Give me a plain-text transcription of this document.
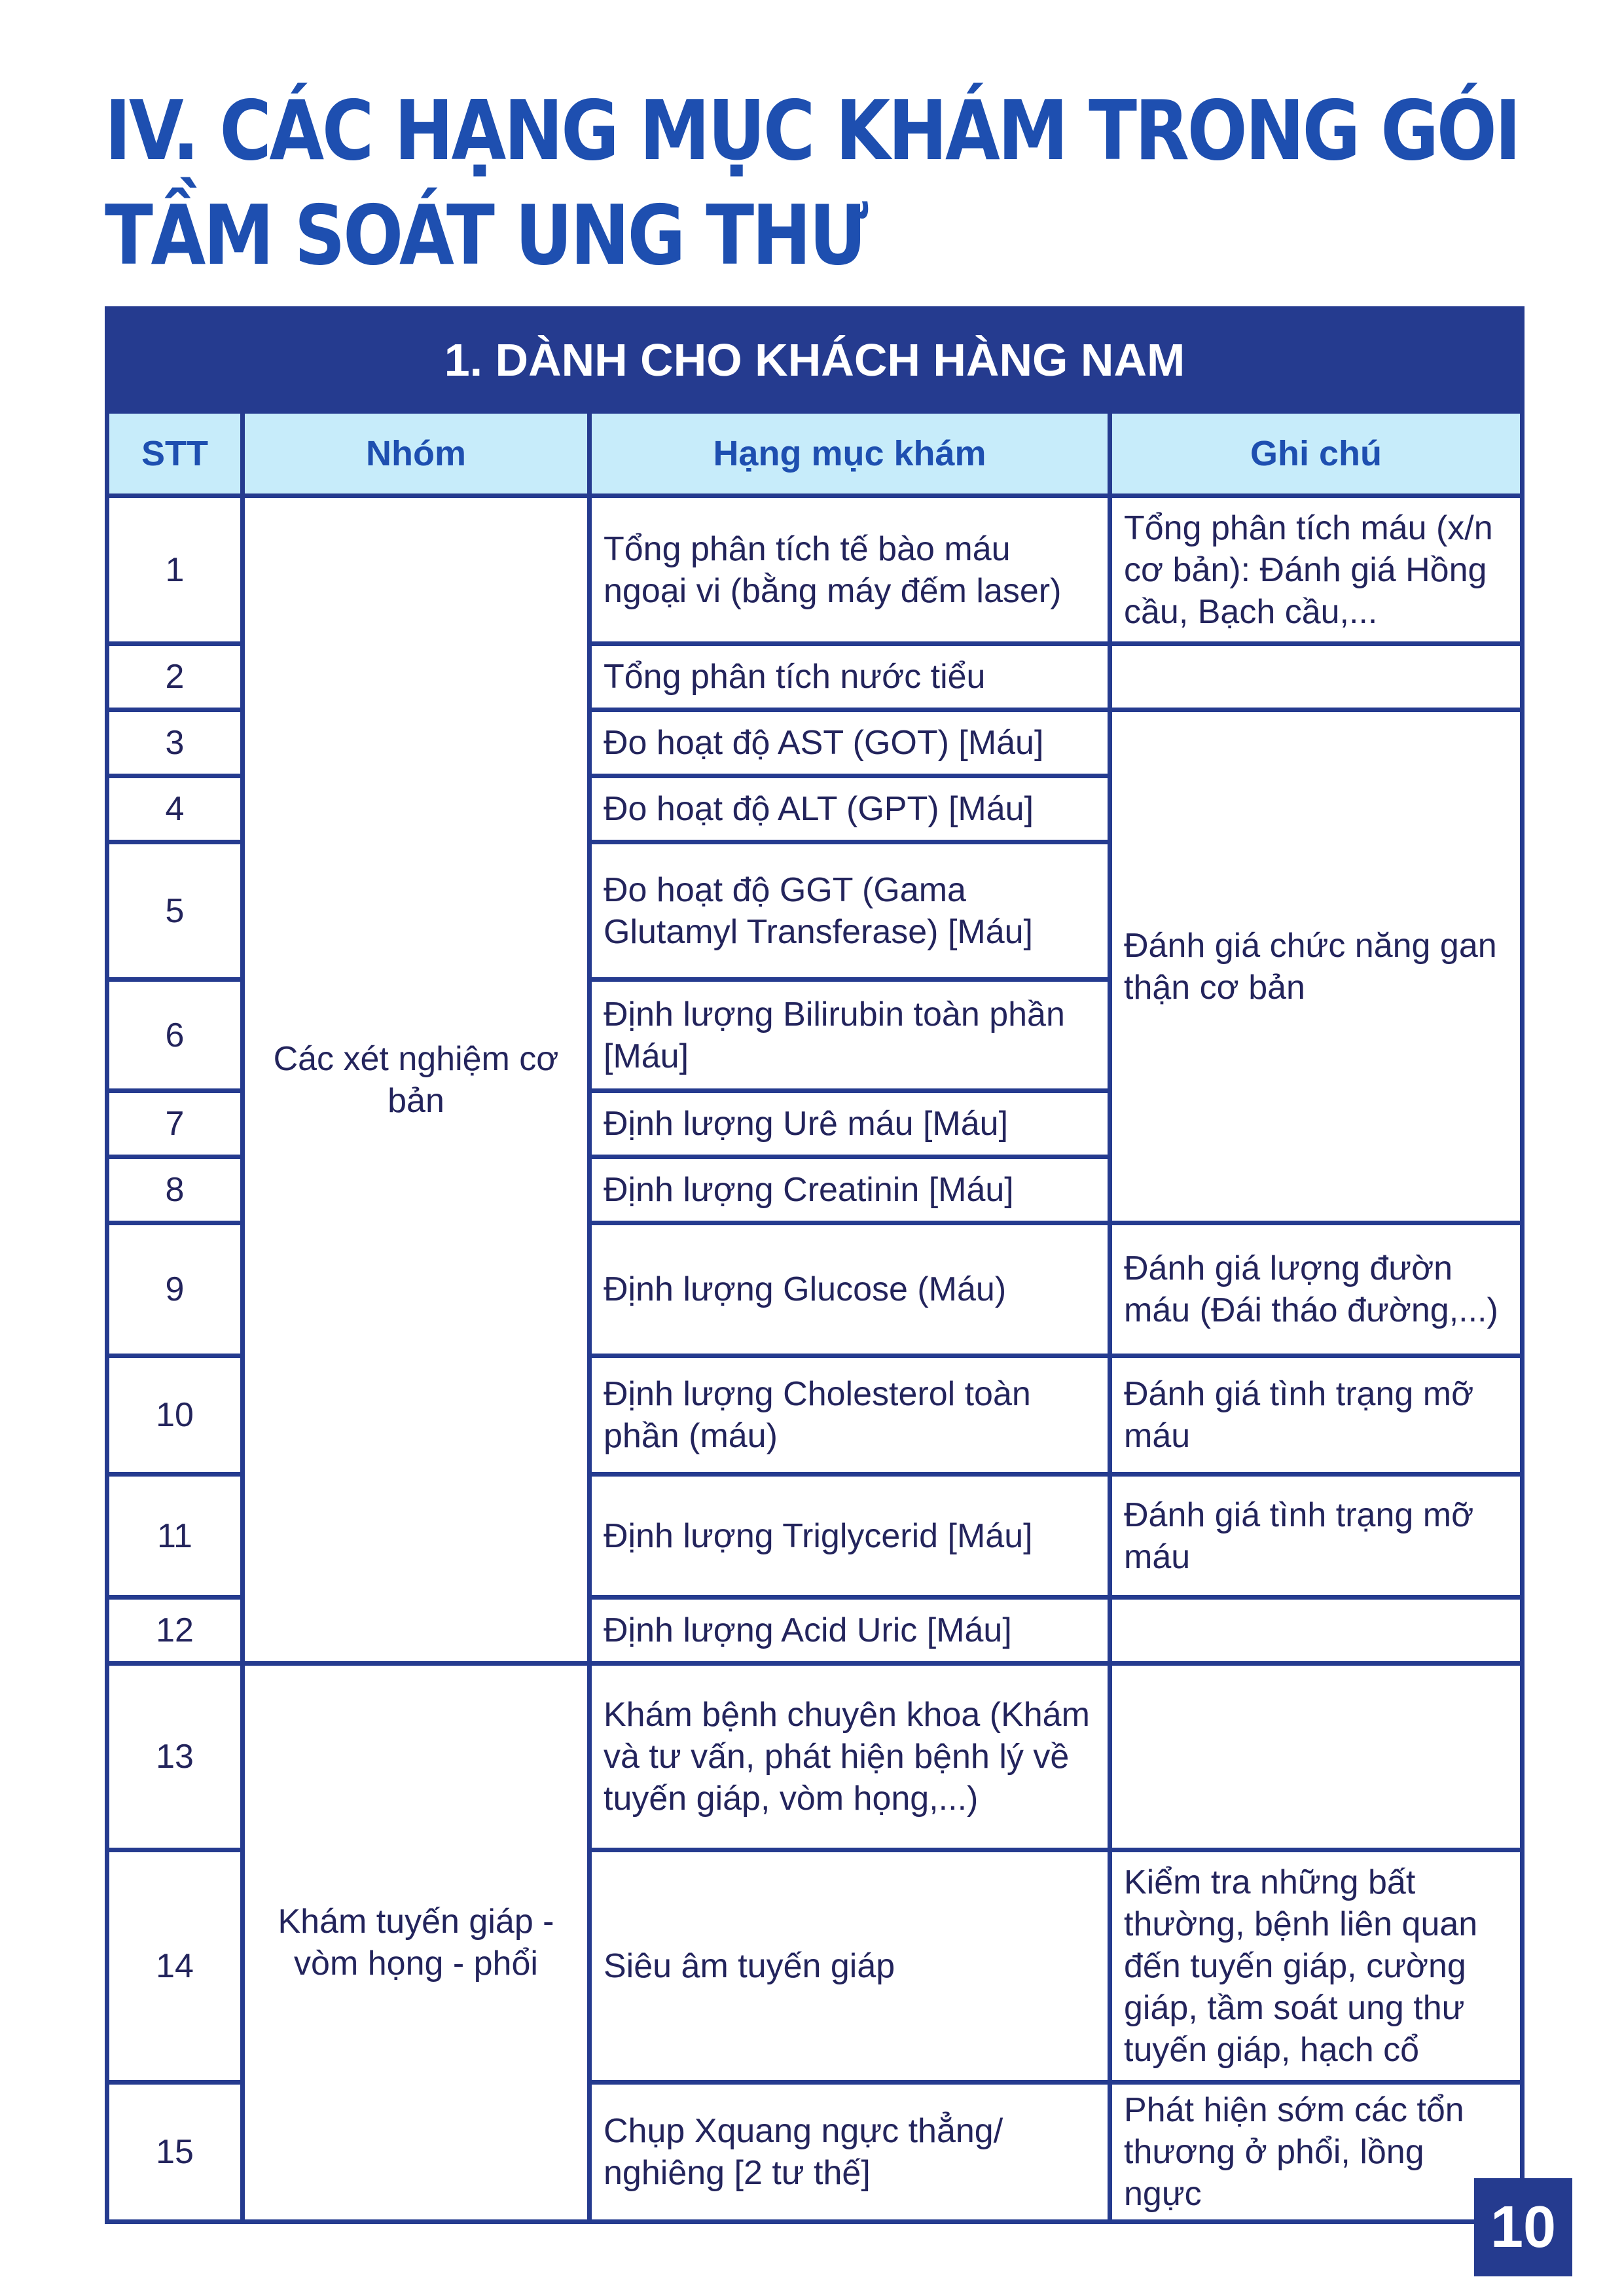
IV. CÁC HẠNG MỤC KHÁM TRONG GÓI
TẦM SOÁT UNG THƯ
1. DÀNH CHO KHÁCH HÀNG NAM			
STT	Nhóm	Hạng mục khám	Ghi chú
1	Các xét nghiệm cơ bản	Tổng phân tích tế bào máu ngoại vi (bằng máy đếm laser)	Tổng phân tích máu (x/n cơ bản): Đánh giá Hồng cầu, Bạch cầu,...
2		Tổng phân tích nước tiểu	
3		Đo hoạt độ AST (GOT) [Máu]	Đánh giá chức năng gan thận cơ bản
4		Đo hoạt độ ALT (GPT) [Máu]	
5		Đo hoạt độ GGT (Gama Glutamyl Transferase) [Máu]	
6		Định lượng Bilirubin toàn phần [Máu]	
7		Định lượng Urê máu [Máu]	
8		Định lượng Creatinin [Máu]	
9		Định lượng Glucose (Máu)	Đánh giá lượng đườn máu (Đái tháo đường,...)
10		Định lượng Cholesterol toàn phần (máu)	Đánh giá tình trạng mỡ máu
11		Định lượng Triglycerid [Máu]	Đánh giá tình trạng mỡ máu
12		Định lượng Acid Uric [Máu]	
13	Khám tuyến giáp - vòm họng - phổi	Khám bệnh chuyên khoa (Khám và tư vấn, phát hiện bệnh lý về tuyến giáp, vòm họng,...)	
14		Siêu âm tuyến giáp	Kiểm tra những bất thường, bệnh liên quan đến tuyến giáp, cường giáp, tầm soát ung thư tuyến giáp, hạch cổ
15		Chụp Xquang ngực thẳng/ nghiêng [2 tư thế]	Phát hiện sớm các tổn thương ở phổi, lồng ngực
10
